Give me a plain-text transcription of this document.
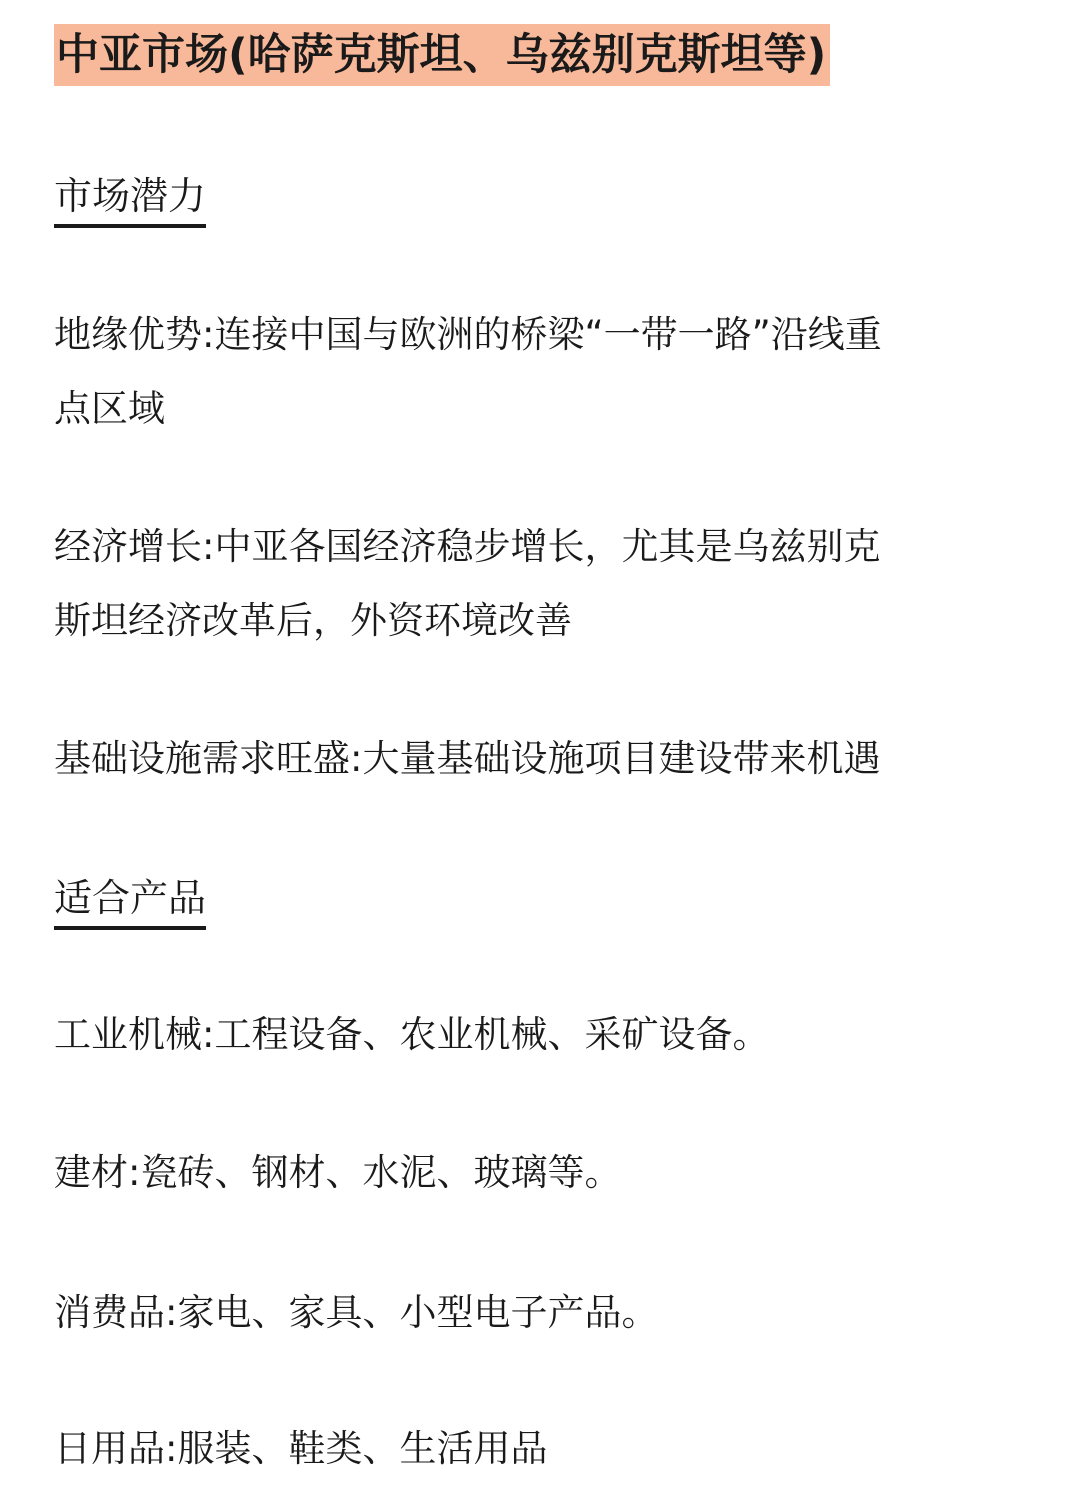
中亚市场(哈萨克斯坦、乌兹别克斯坦等)
市场潜力
地缘优势:连接中国与欧洲的桥梁“一带一路”沿线重
点区域
经济增长:中亚各国经济稳步增长，尤其是乌兹别克
斯坦经济改革后，外资环境改善
基础设施需求旺盛:大量基础设施项目建设带来机遇
适合产品
工业机械:工程设备、农业机械、采矿设备。
建材:瓷砖、钢材、水泥、玻璃等。
消费品:家电、家具、小型电子产品。
日用品:服装、鞋类、生活用品
